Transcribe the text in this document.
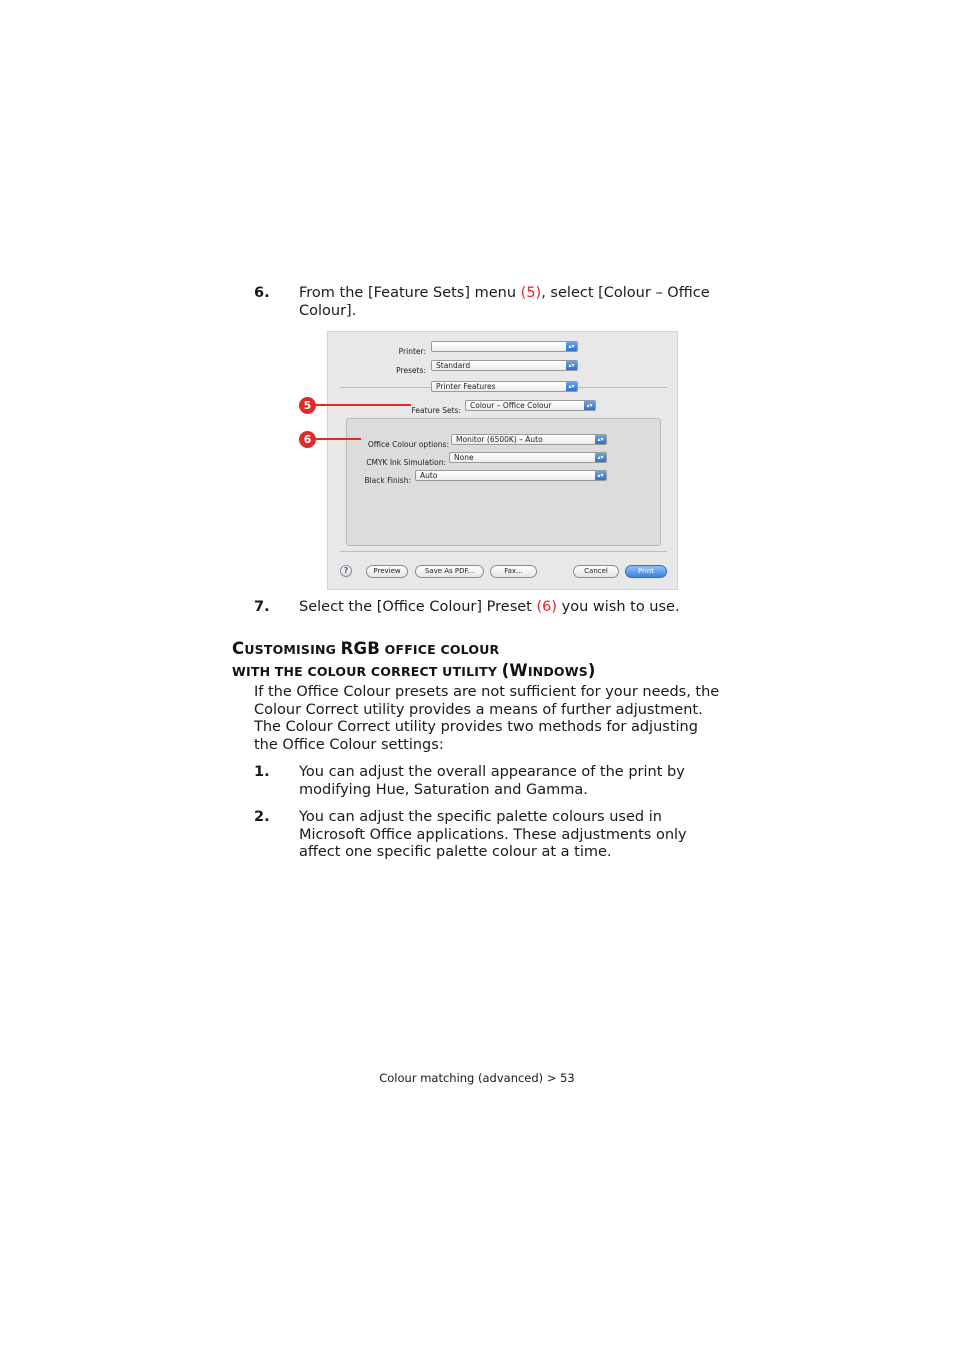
6. From the [Feature Sets] menu (5), select [Colour – Office Colour].
Printer:
▴▾
Presets:
Standard	▴▾
Printer Features	▴▾
Feature Sets:
Colour – Office Colour	▴▾
Office Colour options:
Monitor (6500K) – Auto	▴▾
CMYK Ink Simulation:
None	▴▾
Black Finish:
Auto	▴▾
?	Preview	Save As PDF...	Fax...	Cancel	Print
5
6
7. Select the [Office Colour] Preset (6) you wish to use.
CUSTOMISING RGB OFFICE COLOUR
WITH THE COLOUR CORRECT UTILITY (WINDOWS)
If the Office Colour presets are not sufficient for your needs, the Colour Correct utility provides a means of further adjustment. The Colour Correct utility provides two methods for adjusting the Office Colour settings:
1. You can adjust the overall appearance of the print by modifying Hue, Saturation and Gamma.
2. You can adjust the specific palette colours used in Microsoft Office applications. These adjustments only affect one specific palette colour at a time.
Colour matching (advanced) > 53
